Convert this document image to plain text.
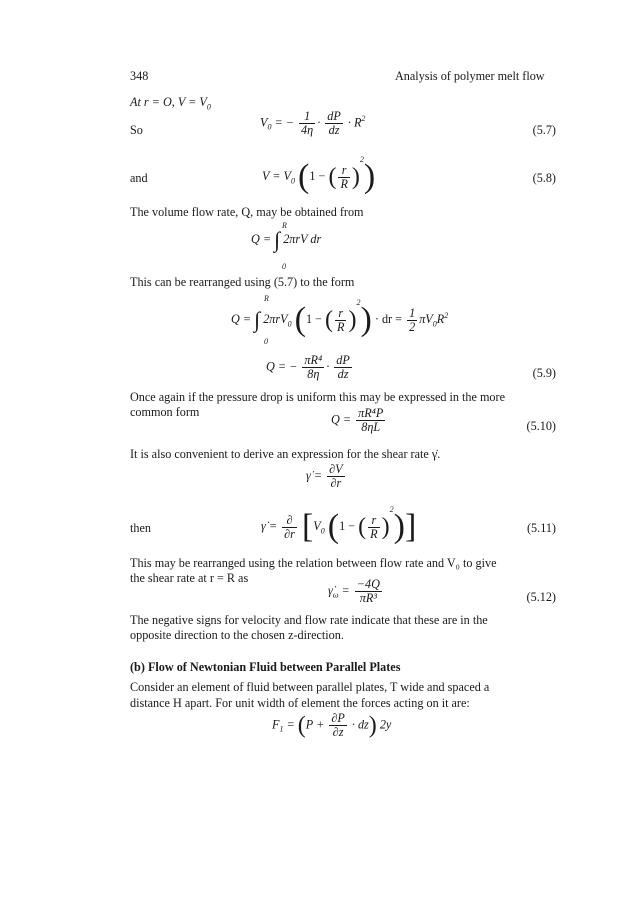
348	Analysis of polymer melt flow
At r = O, $V = V_0$
So
$V_0$ = − $\frac{1}{4\eta} \cdot \frac{dP}{dz} \cdot R^2$
(5.7)
and	$V = V_0$ (1 − ( $\frac{r}{R} )^2$)	(5.8)
The volume flow rate, Q, may be obtained from
R
Q = ∫ 2πrV dr
0
This can be rearranged using (5.7) to the form
R
Q = ∫ 2πrV$_0$ (1 − ( $\frac{r}{R} )^2$) · dr = $\frac{1}{2} \pi V_0R^2$
0
Q = − $\frac{\text{πR⁴}}{8\eta} \cdot \frac{dP}{dz}$	(5.9)
Once again if the pressure drop is uniform this may be expressed in the more
common form
$Q = \frac{\text{πR⁴P}}{8\eta L}$	(5.10)
It is also convenient to derive an expression for the shear rate γ̇.
γ̇ = $\frac{\partial V}{\partial r}$
then	γ̇ = $\frac{\partial}{\partial r} [V_0$ (1 − ( $\frac{r}{R} )^2$)]	(5.11)
This may be rearranged using the relation between flow rate and V₀ to give
the shear rate at r = R as
$\gammȧ_\omega = \frac{-4Q}{\text{πR³}}$	(5.12)
The negative signs for velocity and flow rate indicate that these are in the
opposite direction to the chosen z-direction.
(b) Flow of Newtonian Fluid between Parallel Plates
Consider an element of fluid between parallel plates, T wide and spaced a
distance H apart. For unit width of element the forces acting on it are:
$F_1 = (P + \frac{\partial P}{\partial z} \cdot dz)$ 2y
